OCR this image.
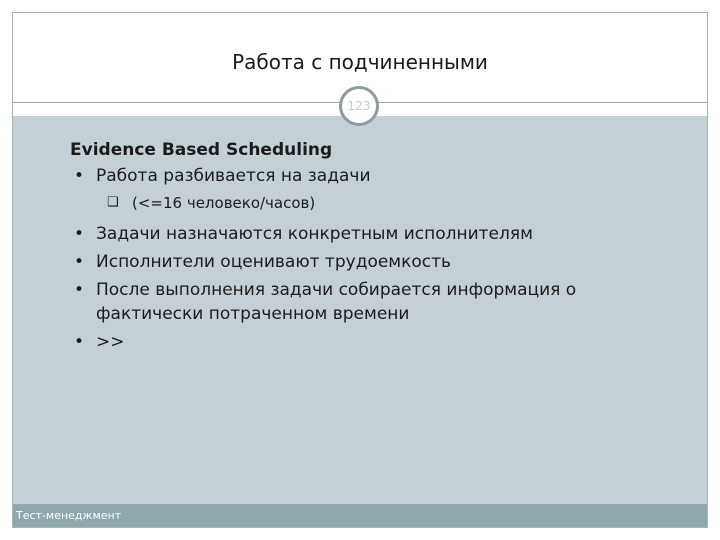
Работа с подчиненными
123
Тест-менеджмент
Evidence Based Scheduling
• Работа разбивается на задачи
❑ (<=16 человеко/часов)
• Задачи назначаются конкретным исполнителям
• Исполнители оценивают трудоемкость
• После выполнения задачи собирается информация о фактически потраченном времени
• >>
